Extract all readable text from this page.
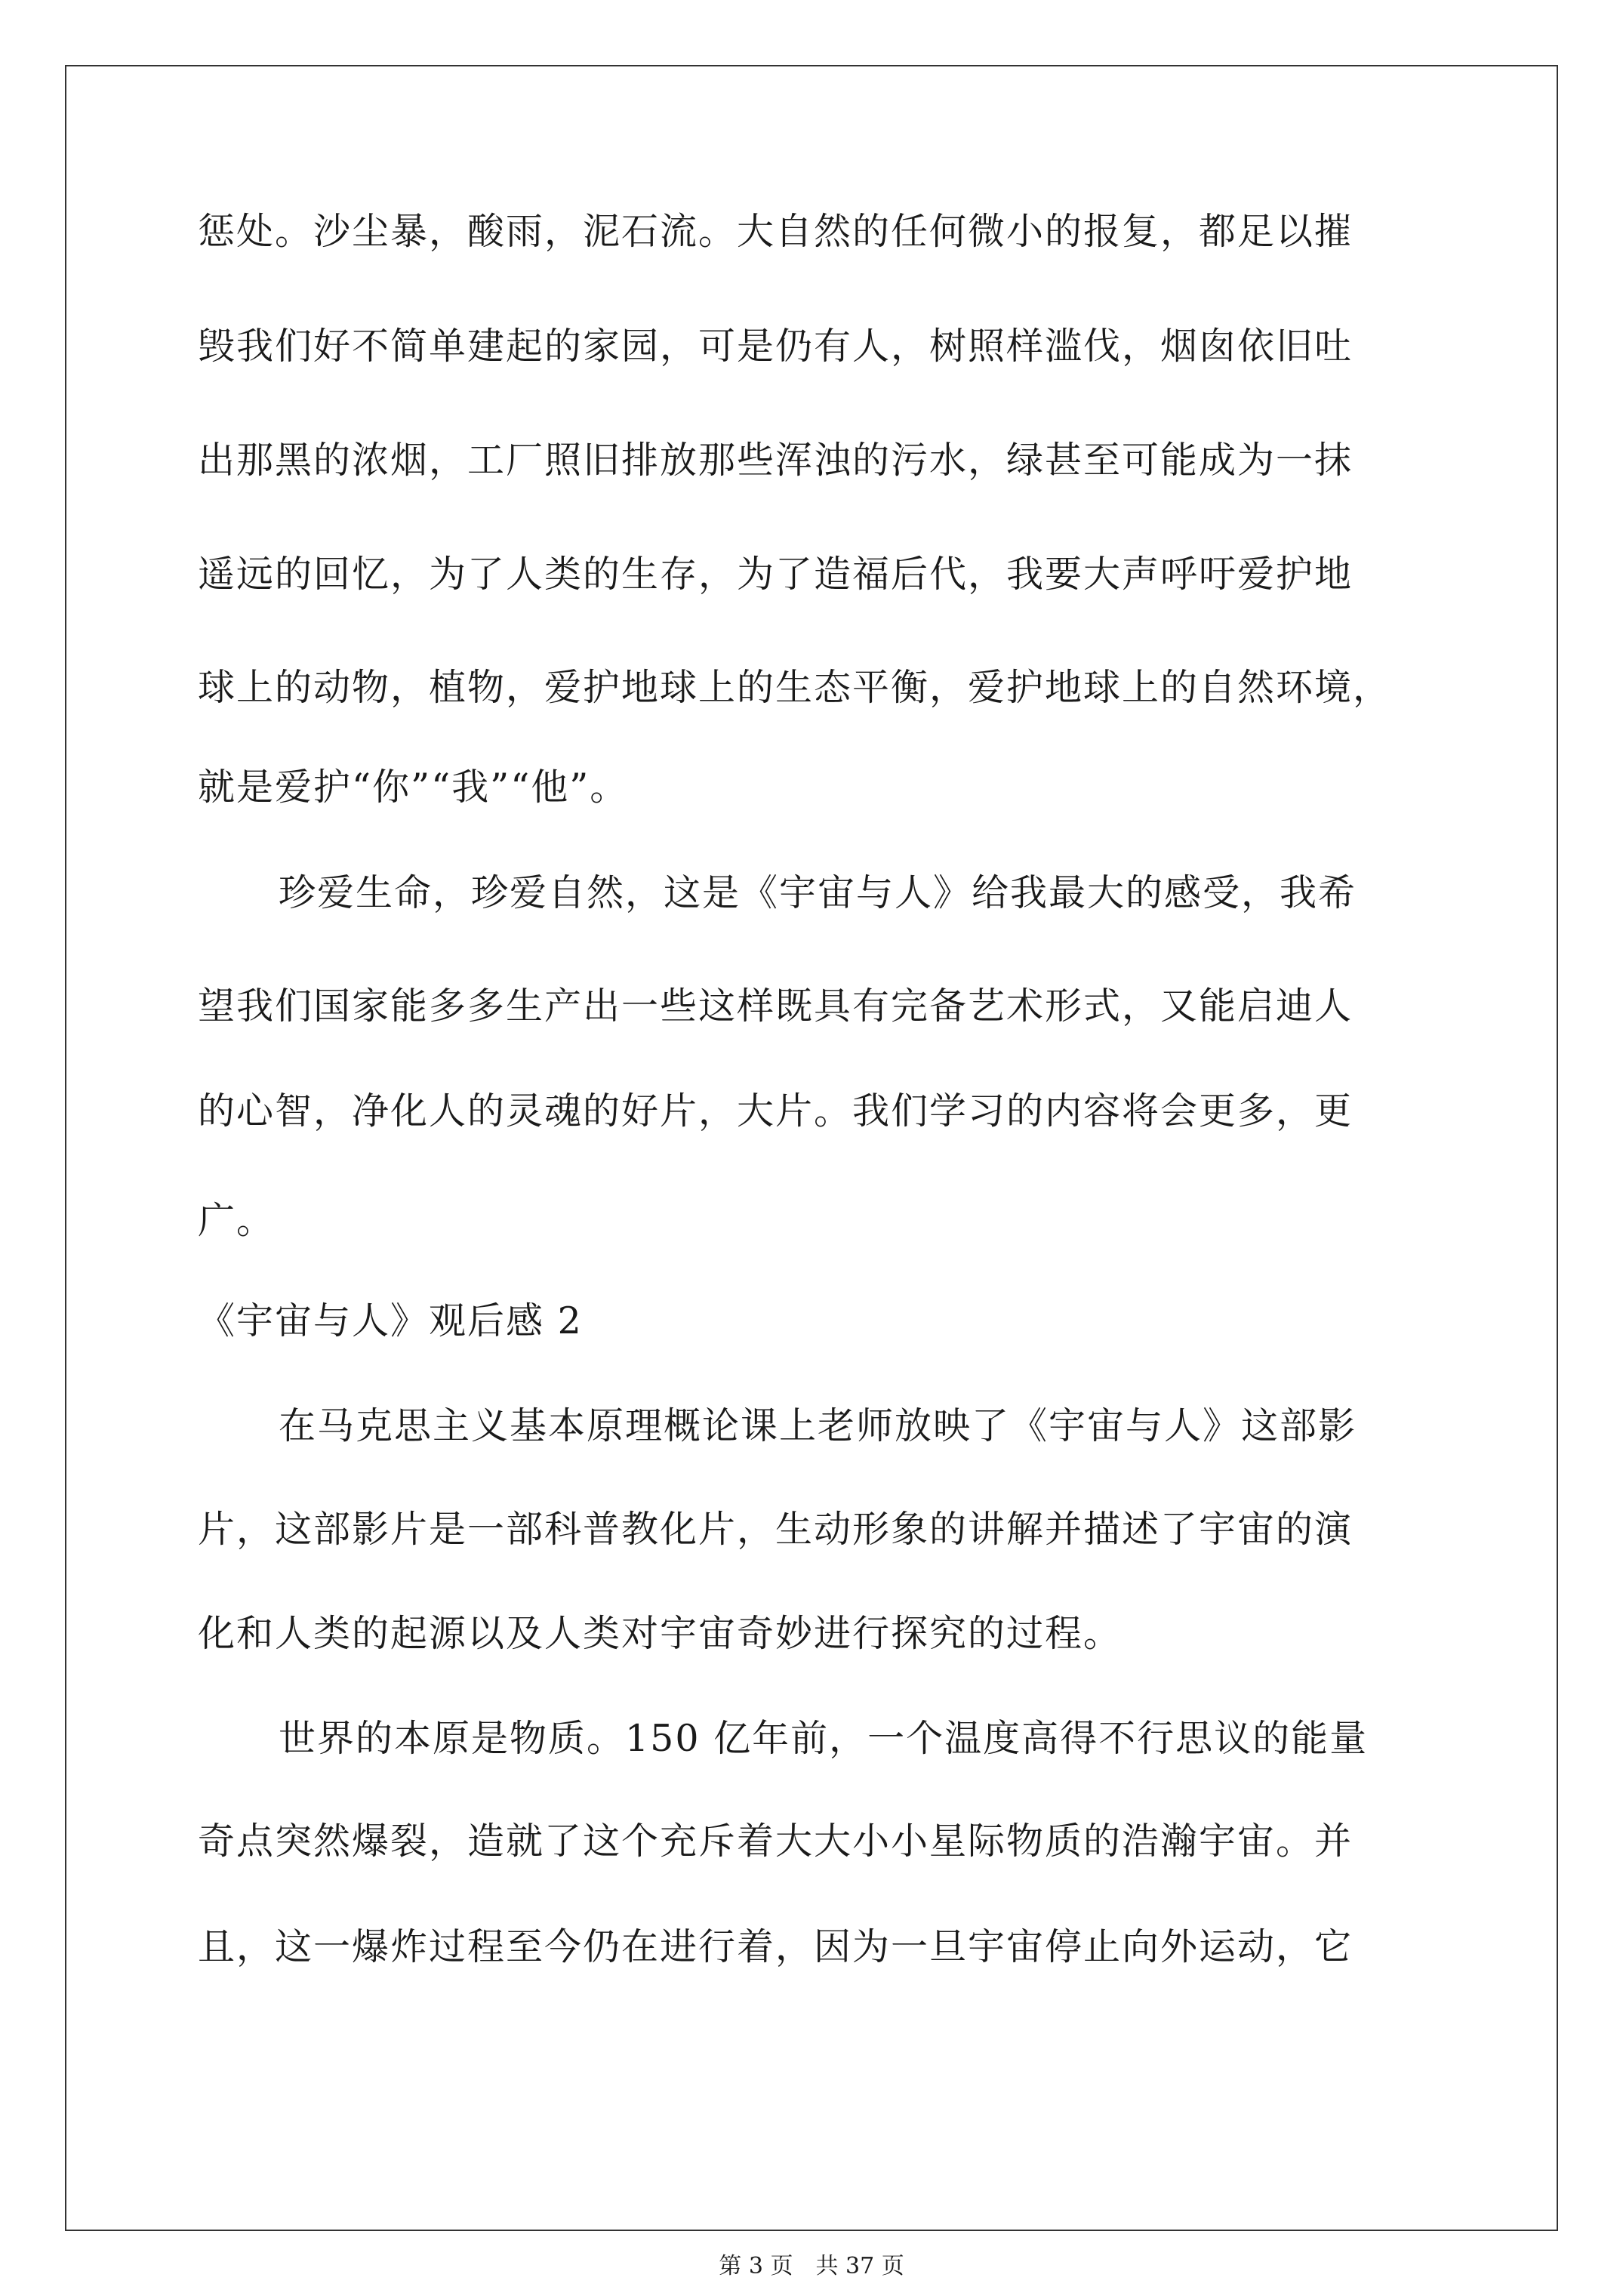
惩处。沙尘暴，酸雨，泥石流。大自然的任何微小的报复，都足以摧
毁我们好不简单建起的家园，可是仍有人，树照样滥伐，烟囱依旧吐
出那黑的浓烟，工厂照旧排放那些浑浊的污水，绿甚至可能成为一抹
遥远的回忆，为了人类的生存，为了造福后代，我要大声呼吁爱护地
球上的动物，植物，爱护地球上的生态平衡，爱护地球上的自然环境，
就是爱护“你”“我”“他”。
珍爱生命，珍爱自然，这是《宇宙与人》给我最大的感受，我希
望我们国家能多多生产出一些这样既具有完备艺术形式，又能启迪人
的心智，净化人的灵魂的好片，大片。我们学习的内容将会更多，更
广。
《宇宙与人》观后感 2
在马克思主义基本原理概论课上老师放映了《宇宙与人》这部影
片，这部影片是一部科普教化片，生动形象的讲解并描述了宇宙的演
化和人类的起源以及人类对宇宙奇妙进行探究的过程。
世界的本原是物质。150 亿年前，一个温度高得不行思议的能量
奇点突然爆裂，造就了这个充斥着大大小小星际物质的浩瀚宇宙。并
且，这一爆炸过程至今仍在进行着，因为一旦宇宙停止向外运动，它
第 3 页　共 37 页
